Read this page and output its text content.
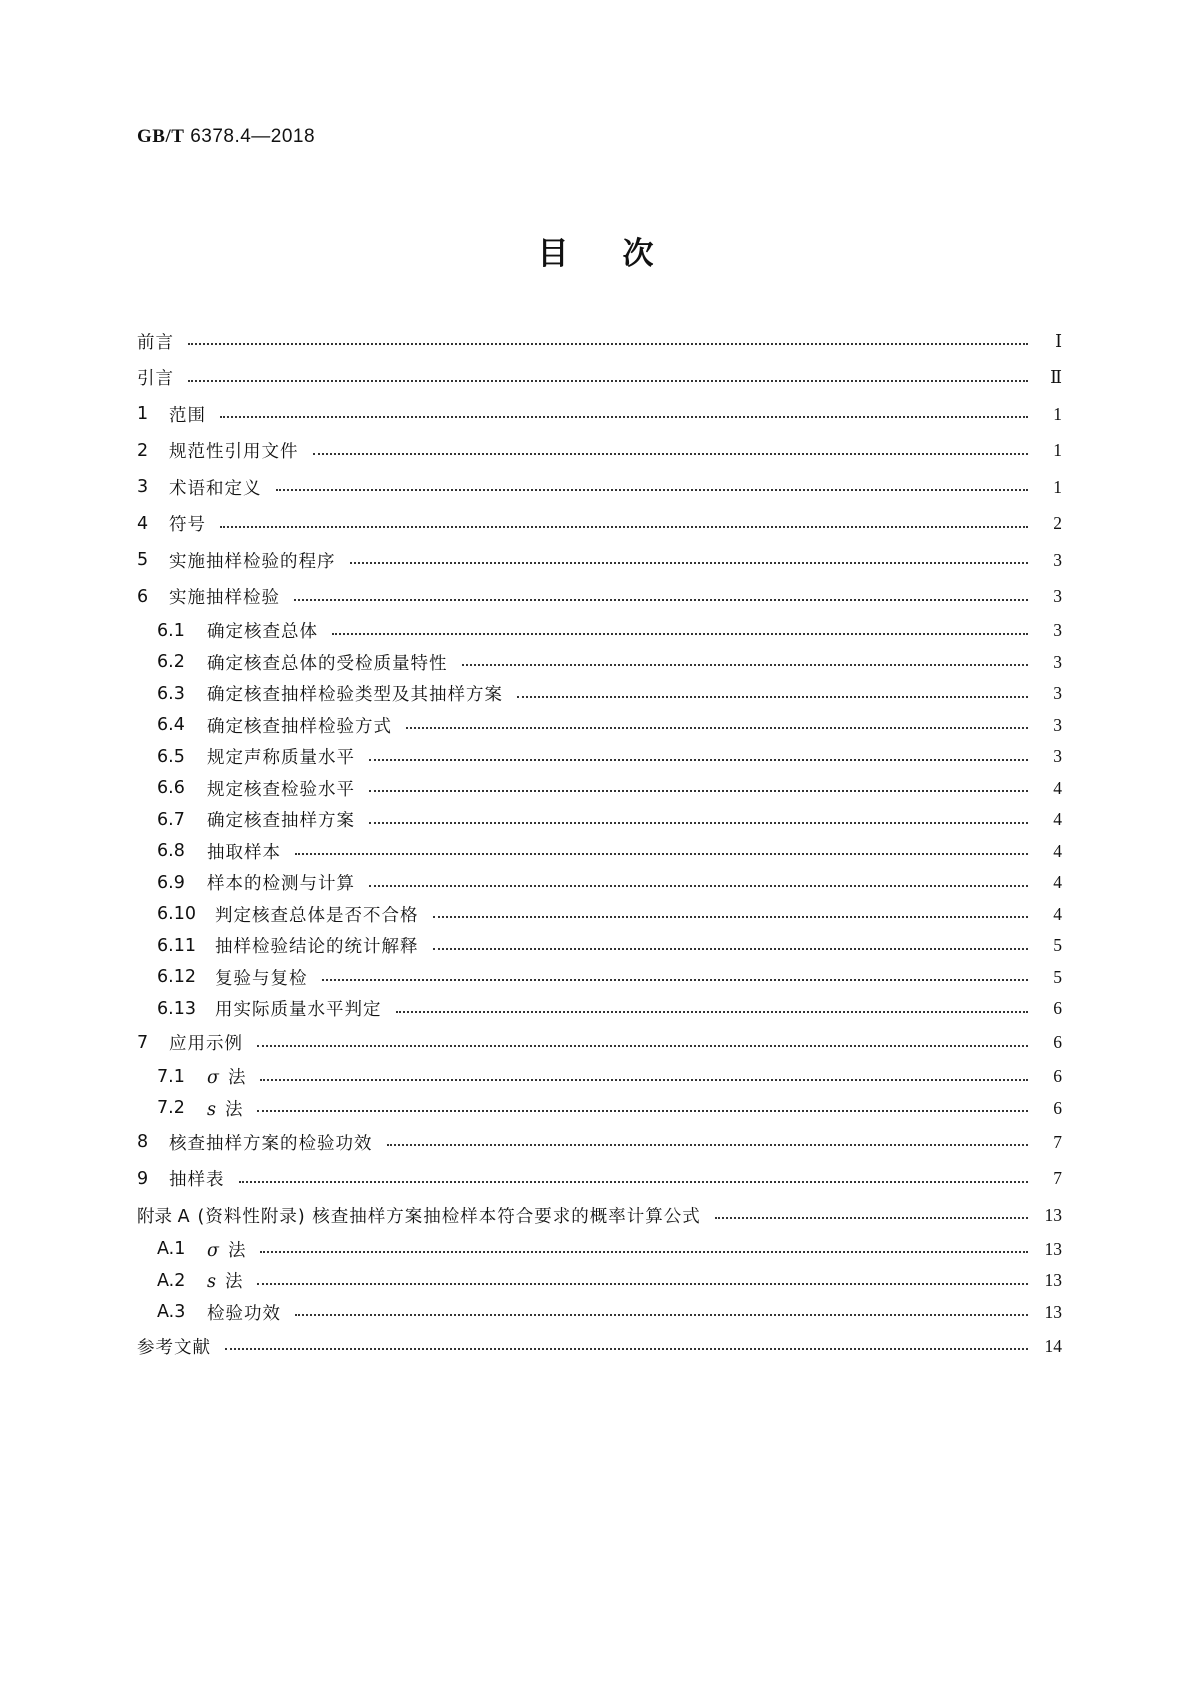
GB/T 6378.4—2018
目次
前言	Ⅰ
引言	Ⅱ
1	范围	1
2	规范性引用文件	1
3	术语和定义	1
4	符号	2
5	实施抽样检验的程序	3
6	实施抽样检验	3
6.1	确定核查总体	3
6.2	确定核查总体的受检质量特性	3
6.3	确定核查抽样检验类型及其抽样方案	3
6.4	确定核查抽样检验方式	3
6.5	规定声称质量水平	3
6.6	规定核查检验水平	4
6.7	确定核查抽样方案	4
6.8	抽取样本	4
6.9	样本的检测与计算	4
6.10	判定核查总体是否不合格	4
6.11	抽样检验结论的统计解释	5
6.12	复验与复检	5
6.13	用实际质量水平判定	6
7	应用示例	6
7.1	σ 法	6
7.2	s 法	6
8	核查抽样方案的检验功效	7
9	抽样表	7
附录 A (资料性附录) 核查抽样方案抽检样本符合要求的概率计算公式	13
A.1	σ 法	13
A.2	s 法	13
A.3	检验功效	13
参考文献	14
